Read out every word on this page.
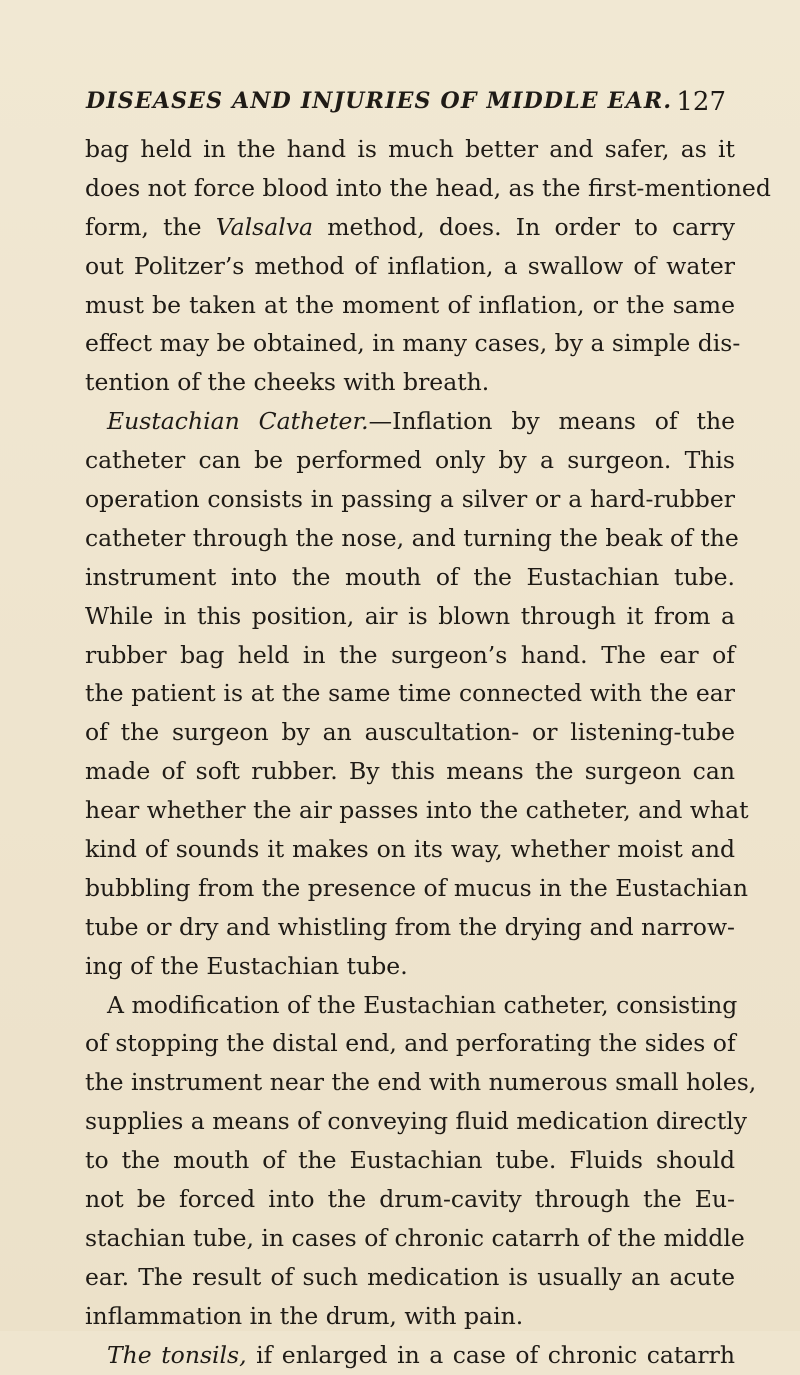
DISEASES AND INJURIES OF MIDDLE EAR. 127
bag held in the hand is much better and safer, as it
does not force blood into the head, as the first-mentioned
form, the Valsalva method, does. In order to carry
out Politzer’s method of inflation, a swallow of water
must be taken at the moment of inflation, or the same
effect may be obtained, in many cases, by a simple dis-
tention of the cheeks with breath.
Eustachian Catheter.—Inflation by means of the
catheter can be performed only by a surgeon. This
operation consists in passing a silver or a hard-rubber
catheter through the nose, and turning the beak of the
instrument into the mouth of the Eustachian tube.
While in this position, air is blown through it from a
rubber bag held in the surgeon’s hand. The ear of
the patient is at the same time connected with the ear
of the surgeon by an auscultation- or listening-tube
made of soft rubber. By this means the surgeon can
hear whether the air passes into the catheter, and what
kind of sounds it makes on its way, whether moist and
bubbling from the presence of mucus in the Eustachian
tube or dry and whistling from the drying and narrow-
ing of the Eustachian tube.
A modification of the Eustachian catheter, consisting
of stopping the distal end, and perforating the sides of
the instrument near the end with numerous small holes,
supplies a means of conveying fluid medication directly
to the mouth of the Eustachian tube. Fluids should
not be forced into the drum-cavity through the Eu-
stachian tube, in cases of chronic catarrh of the middle
ear. The result of such medication is usually an acute
inflammation in the drum, with pain.
The tonsils, if enlarged in a case of chronic catarrh
